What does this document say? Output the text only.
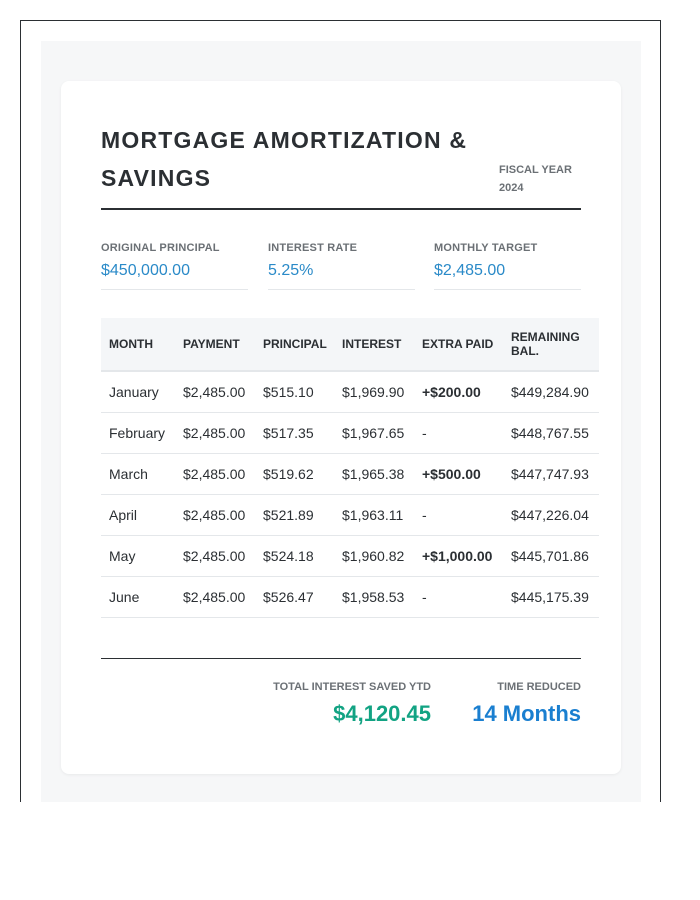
MORTGAGE AMORTIZATION & SAVINGS	FISCAL YEAR
2024
ORIGINAL PRINCIPAL
$450,000.00
INTEREST RATE
5.25%
MONTHLY TARGET
$2,485.00
MONTH	PAYMENT	PRINCIPAL	INTEREST	EXTRA PAID	REMAINING BAL.
January	$2,485.00	$515.10	$1,969.90	+$200.00	$449,284.90
February	$2,485.00	$517.35	$1,967.65	-	$448,767.55
March	$2,485.00	$519.62	$1,965.38	+$500.00	$447,747.93
April	$2,485.00	$521.89	$1,963.11	-	$447,226.04
May	$2,485.00	$524.18	$1,960.82	+$1,000.00	$445,701.86
June	$2,485.00	$526.47	$1,958.53	-	$445,175.39
TOTAL INTEREST SAVED YTD
$4,120.45
TIME REDUCED
14 Months
